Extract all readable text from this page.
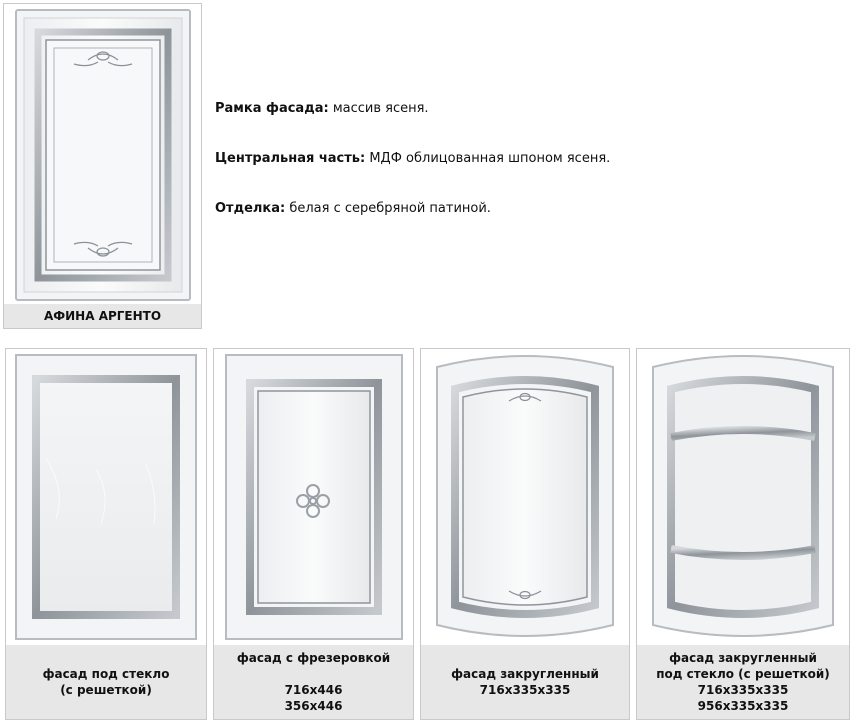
АФИНА АРГЕНТО
Рамка фасада: массив ясеня.
Центральная часть: МДФ облицованная шпоном ясеня.
Отделка: белая с серебряной патиной.
фасад под стекло
(с решеткой)
фасад с фрезеровкой
716x446
356x446
фасад закругленный
716x335x335
фасад закругленный
под стекло (с решеткой)
716x335x335
956x335x335
